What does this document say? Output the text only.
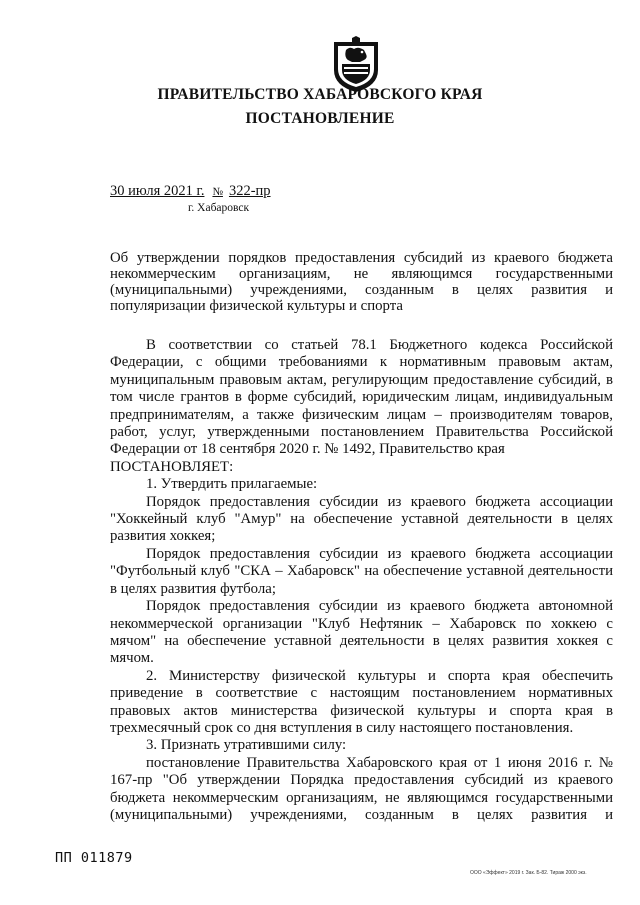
ПРАВИТЕЛЬСТВО ХАБАРОВСКОГО КРАЯ
ПОСТАНОВЛЕНИЕ
30 июля 2021 г. № 322-пр
г. Хабаровск
Об утверждении порядков предоставления субсидий из краевого бюджета некоммерческим организациям, не являющимся государственными (муниципальными) учреждениями, созданным в целях развития и популяризации физической культуры и спорта

В соответствии со статьей 78.1 Бюджетного кодекса Российской Федерации, с общими требованиями к нормативным правовым актам, муниципальным правовым актам, регулирующим предоставление субсидий, в том числе грантов в форме субсидий, юридическим лицам, индивидуальным предпринимателям, а также физическим лицам – производителям товаров, работ, услуг, утвержденными постановлением Правительства Российской Федерации от 18 сентября 2020 г. № 1492, Правительство края

ПОСТАНОВЛЯЕТ:

1. Утвердить прилагаемые:

Порядок предоставления субсидии из краевого бюджета ассоциации "Хоккейный клуб "Амур" на обеспечение уставной деятельности в целях развития хоккея;

Порядок предоставления субсидии из краевого бюджета ассоциации "Футбольный клуб "СКА – Хабаровск" на обеспечение уставной деятельности в целях развития футбола;

Порядок предоставления субсидии из краевого бюджета автономной некоммерческой организации "Клуб Нефтяник – Хабаровск по хоккею с мячом" на обеспечение уставной деятельности в целях развития хоккея с мячом.

2. Министерству физической культуры и спорта края обеспечить приведение в соответствие с настоящим постановлением нормативных правовых актов министерства физической культуры и спорта края в трехмесячный срок со дня вступления в силу настоящего постановления.

3. Признать утратившими силу:

постановление Правительства Хабаровского края от 1 июня 2016 г. № 167-пр "Об утверждении Порядка предоставления субсидий из краевого бюджета некоммерческим организациям, не являющимся государственными (муниципальными) учреждениями, созданным в целях развития и

ПП 011879
ООО «Эффект» 2019 г. Зак. Б-82. Тираж 2000 экз.
